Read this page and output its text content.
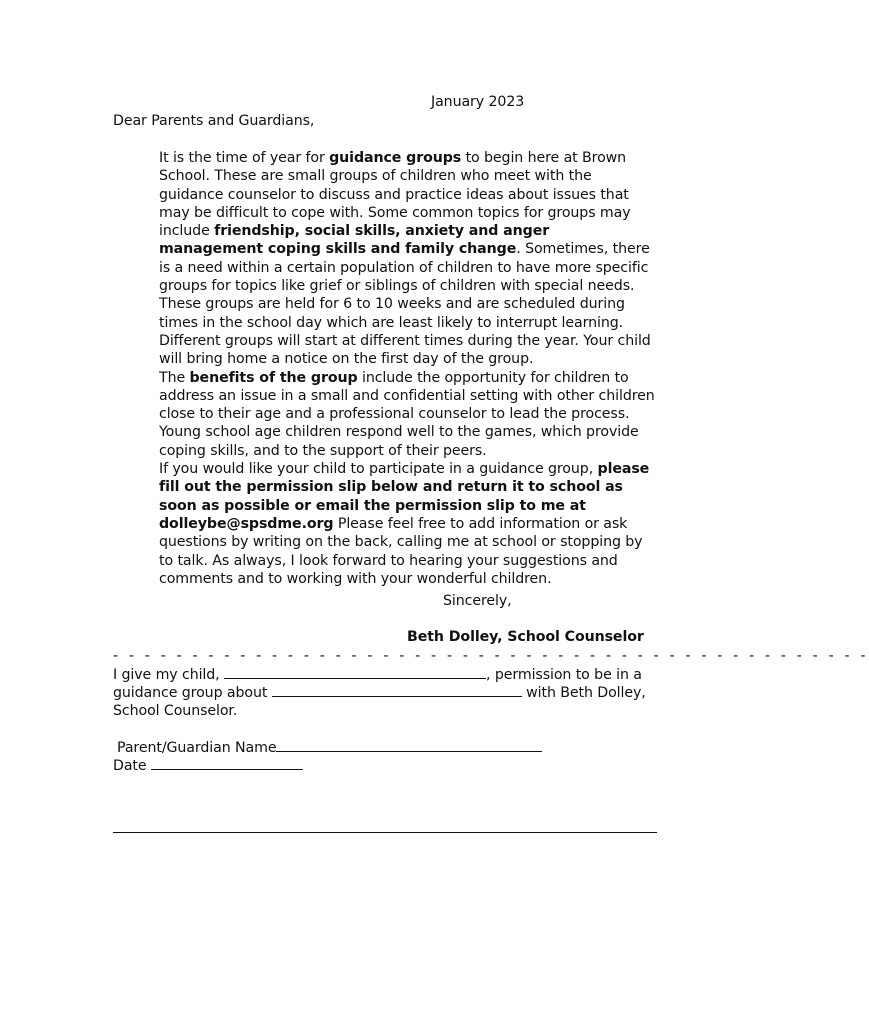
January 2023
Dear Parents and Guardians,

It is the time of year for guidance groups to begin here at Brown School. These are small groups of children who meet with the guidance counselor to discuss and practice ideas about issues that may be difficult to cope with. Some common topics for groups may include friendship, social skills, anxiety and anger management coping skills and family change. Sometimes, there is a need within a certain population of children to have more specific groups for topics like grief or siblings of children with special needs.

These groups are held for 6 to 10 weeks and are scheduled during times in the school day which are least likely to interrupt learning. Different groups will start at different times during the year. Your child will bring home a notice on the first day of the group.

The benefits of the group include the opportunity for children to address an issue in a small and confidential setting with other children close to their age and a professional counselor to lead the process. Young school age children respond well to the games, which provide coping skills, and to the support of their peers.

If you would like your child to participate in a guidance group, please fill out the permission slip below and return it to school as soon as possible or email the permission slip to me at dolleybe@spsdme.org Please feel free to add information or ask questions by writing on the back, calling me at school or stopping by to talk. As always, I look forward to hearing your suggestions and comments and to working with your wonderful children.

Sincerely,
Beth Dolley, School Counselor
- - - - - - - - - - - - - - - - - - - - - - - - - - - - - - - - - - - - - - - - - - - - - - - -
I give my child,	, permission to be in a
guidance group about	with Beth Dolley,
School Counselor.
Parent/Guardian Name
Date
